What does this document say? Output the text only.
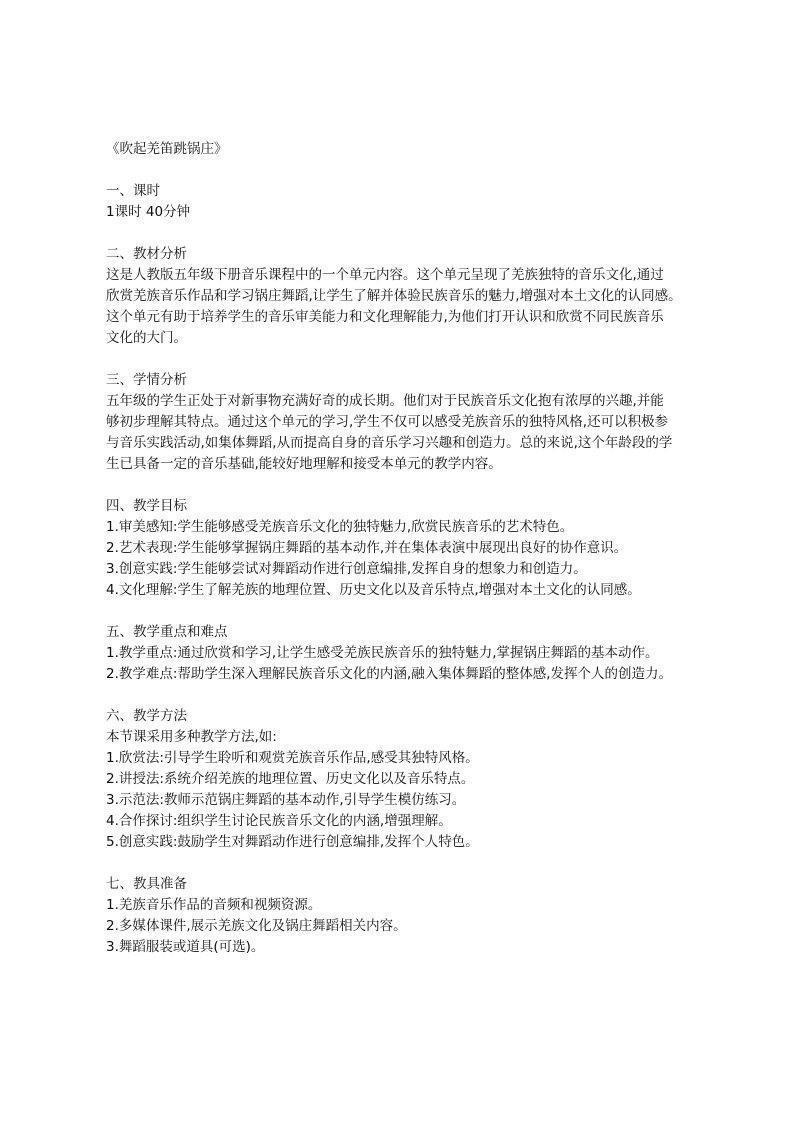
《吹起羌笛跳锅庄》

一、课时

1课时 40分钟

二、教材分析

这是人教版五年级下册音乐课程中的一个单元内容。这个单元呈现了羌族独特的音乐文化,通过

欣赏羌族音乐作品和学习锅庄舞蹈,让学生了解并体验民族音乐的魅力,增强对本土文化的认同感。

这个单元有助于培养学生的音乐审美能力和文化理解能力,为他们打开认识和欣赏不同民族音乐

文化的大门。

三、学情分析

五年级的学生正处于对新事物充满好奇的成长期。他们对于民族音乐文化抱有浓厚的兴趣,并能

够初步理解其特点。通过这个单元的学习,学生不仅可以感受羌族音乐的独特风格,还可以积极参

与音乐实践活动,如集体舞蹈,从而提高自身的音乐学习兴趣和创造力。总的来说,这个年龄段的学

生已具备一定的音乐基础,能较好地理解和接受本单元的教学内容。

四、教学目标

1.审美感知:学生能够感受羌族音乐文化的独特魅力,欣赏民族音乐的艺术特色。

2.艺术表现:学生能够掌握锅庄舞蹈的基本动作,并在集体表演中展现出良好的协作意识。

3.创意实践:学生能够尝试对舞蹈动作进行创意编排,发挥自身的想象力和创造力。

4.文化理解:学生了解羌族的地理位置、历史文化以及音乐特点,增强对本土文化的认同感。

五、教学重点和难点

1.教学重点:通过欣赏和学习,让学生感受羌族民族音乐的独特魅力,掌握锅庄舞蹈的基本动作。

2.教学难点:帮助学生深入理解民族音乐文化的内涵,融入集体舞蹈的整体感,发挥个人的创造力。

六、教学方法

本节课采用多种教学方法,如:

1.欣赏法:引导学生聆听和观赏羌族音乐作品,感受其独特风格。

2.讲授法:系统介绍羌族的地理位置、历史文化以及音乐特点。

3.示范法:教师示范锅庄舞蹈的基本动作,引导学生模仿练习。

4.合作探讨:组织学生讨论民族音乐文化的内涵,增强理解。

5.创意实践:鼓励学生对舞蹈动作进行创意编排,发挥个人特色。

七、教具准备

1.羌族音乐作品的音频和视频资源。

2.多媒体课件,展示羌族文化及锅庄舞蹈相关内容。

3.舞蹈服装或道具(可选)。
